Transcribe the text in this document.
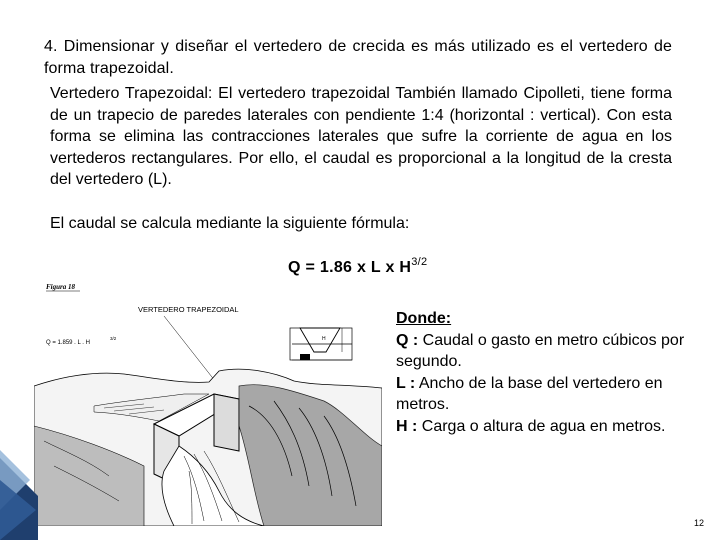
4. Dimensionar y diseñar el vertedero de crecida es más utilizado es el vertedero de forma trapezoidal.

Vertedero Trapezoidal: El vertedero trapezoidal También llamado Cipolleti, tiene forma de un trapecio de paredes laterales con pendiente 1:4 (horizontal : vertical). Con esta forma se elimina las contracciones laterales que sufre la corriente de agua en los vertederos rectangulares. Por ello, el caudal es proporcional a la longitud de la cresta del vertedero (L).

El caudal se calcula mediante la siguiente fórmula:

Q = 1.86 x L x $H^{3/2}$
Figura 18
VERTEDERO TRAPEZOIDAL
Q = 1.859 . L . H
3/2	H
Donde:
Q : Caudal o gasto en metro cúbicos por segundo.
L : Ancho de la base del vertedero en metros.
H : Carga o altura de agua en metros.
12
